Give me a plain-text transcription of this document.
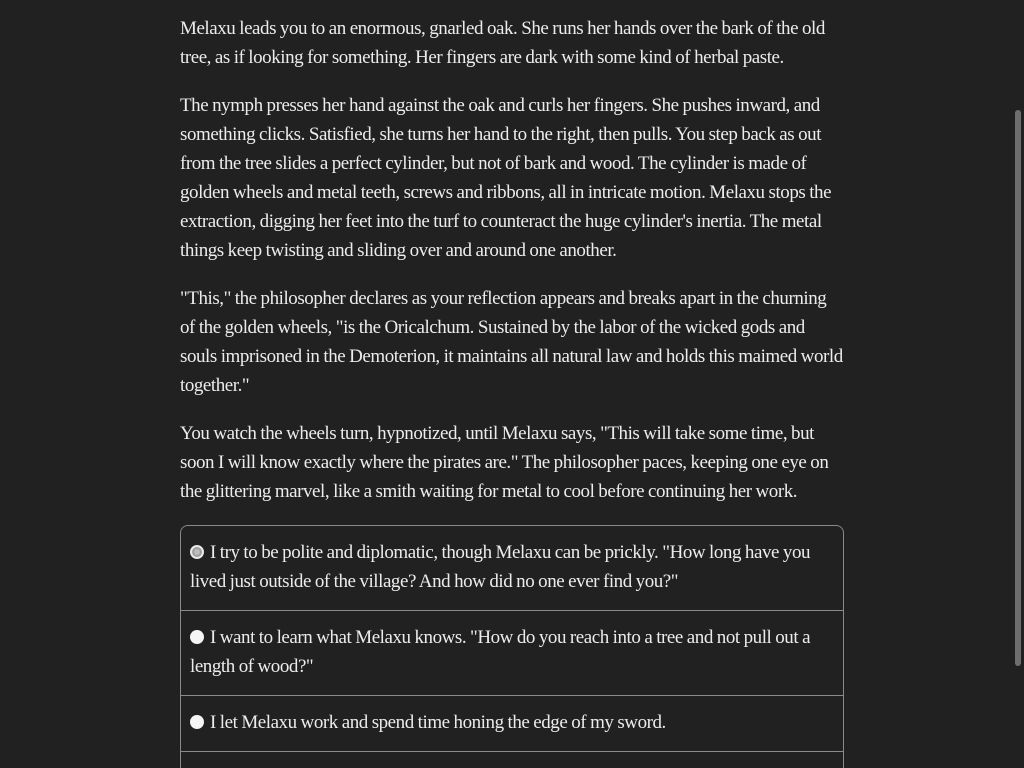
Melaxu leads you to an enormous, gnarled oak. She runs her hands over the bark of the old tree, as if looking for something. Her fingers are dark with some kind of herbal paste.

The nymph presses her hand against the oak and curls her fingers. She pushes inward, and something clicks. Satisfied, she turns her hand to the right, then pulls. You step back as out from the tree slides a perfect cylinder, but not of bark and wood. The cylinder is made of golden wheels and metal teeth, screws and ribbons, all in intricate motion. Melaxu stops the extraction, digging her feet into the turf to counteract the huge cylinder's inertia. The metal things keep twisting and sliding over and around one another.

"This," the philosopher declares as your reflection appears and breaks apart in the churning of the golden wheels, "is the Oricalchum. Sustained by the labor of the wicked gods and souls imprisoned in the Demoterion, it maintains all natural law and holds this maimed world together."

You watch the wheels turn, hypnotized, until Melaxu says, "This will take some time, but soon I will know exactly where the pirates are." The philosopher paces, keeping one eye on the glittering marvel, like a smith waiting for metal to cool before continuing her work.

I try to be polite and diplomatic, though Melaxu can be prickly. "How long have you lived just outside of the village? And how did no one ever find you?"
I want to learn what Melaxu knows. "How do you reach into a tree and not pull out a length of wood?"
I let Melaxu work and spend time honing the edge of my sword.
